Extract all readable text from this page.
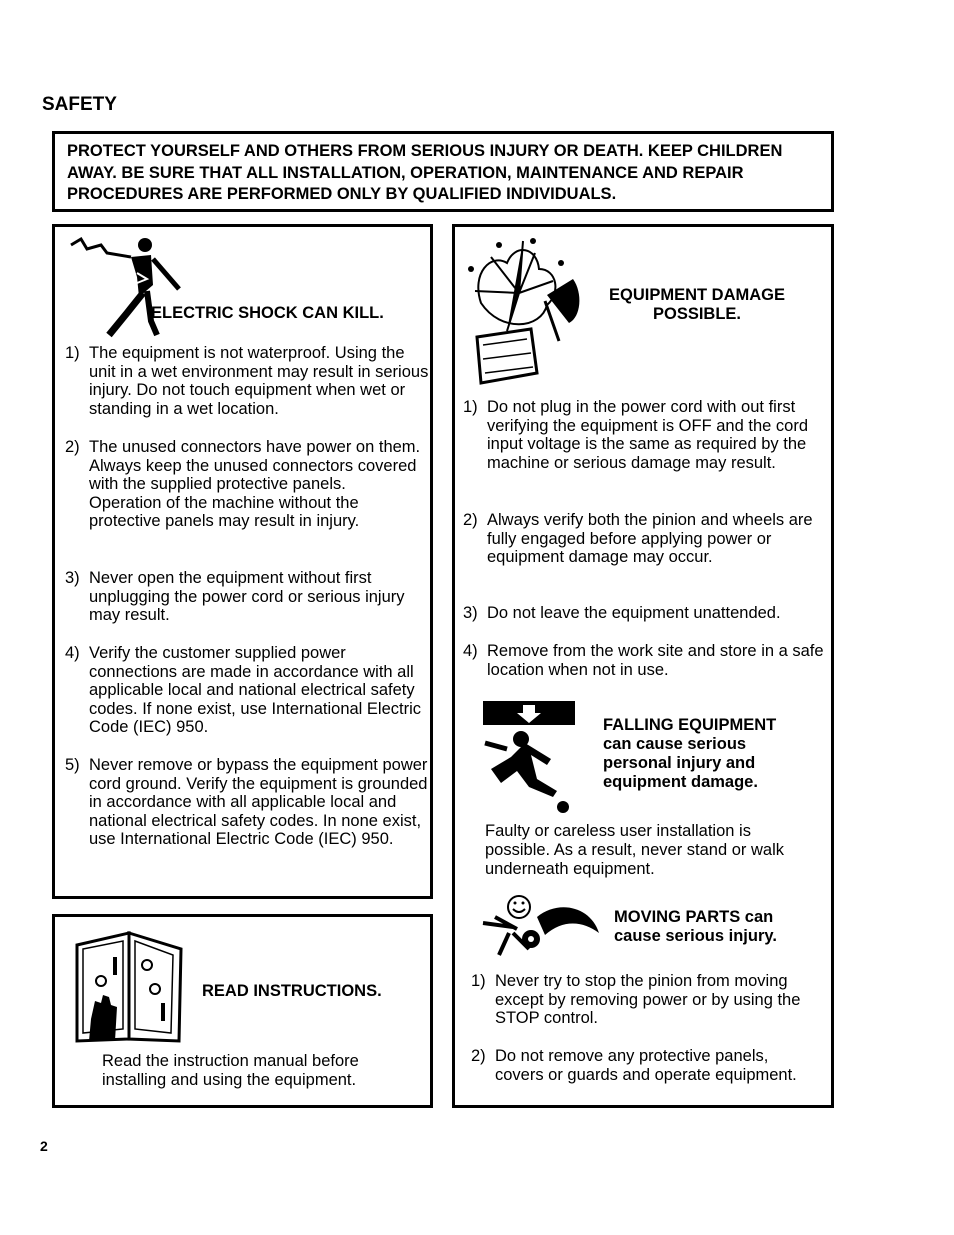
SAFETY

PROTECT YOURSELF AND OTHERS FROM SERIOUS INJURY OR DEATH. KEEP CHILDREN AWAY. BE SURE THAT ALL INSTALLATION, OPERATION, MAINTENANCE AND REPAIR PROCEDURES ARE PERFORMED ONLY BY QUALIFIED INDIVIDUALS.

ELECTRIC SHOCK CAN KILL.
1) The equipment is not waterproof. Using the unit in a wet environment may result in serious injury. Do not touch equipment when wet or standing in a wet location.
2) The unused connectors have power on them. Always keep the unused connectors covered with the supplied protective panels. Operation of the machine without the protective panels may result in injury.
3) Never open the equipment without first unplugging the power cord or serious injury may result.
4) Verify the customer supplied power connections are made in accordance with all applicable local and national electrical safety codes. If none exist, use International Electric Code (IEC) 950.
5) Never remove or bypass the equipment power cord ground. Verify the equipment is grounded in accordance with all applicable local and national electrical safety codes. In none exist, use International Electric Code (IEC) 950.
READ INSTRUCTIONS.
Read the instruction manual before installing and using the equipment.
EQUIPMENT DAMAGE POSSIBLE.
1) Do not plug in the power cord with out first verifying the equipment is OFF and the cord input voltage is the same as required by the machine or serious damage may result.
2) Always verify both the pinion and wheels are fully engaged before applying power or equipment damage may occur.
3) Do not leave the equipment unattended.
4) Remove from the work site and store in a safe location when not in use.
FALLING EQUIPMENT
can cause serious personal injury and equipment damage.
Faulty or careless user installation is possible. As a result, never stand or walk underneath equipment.
MOVING PARTS can cause serious injury.
1) Never try to stop the pinion from moving except by removing power or by using the STOP control.
2) Do not remove any protective panels, covers or guards and operate equipment.
2
